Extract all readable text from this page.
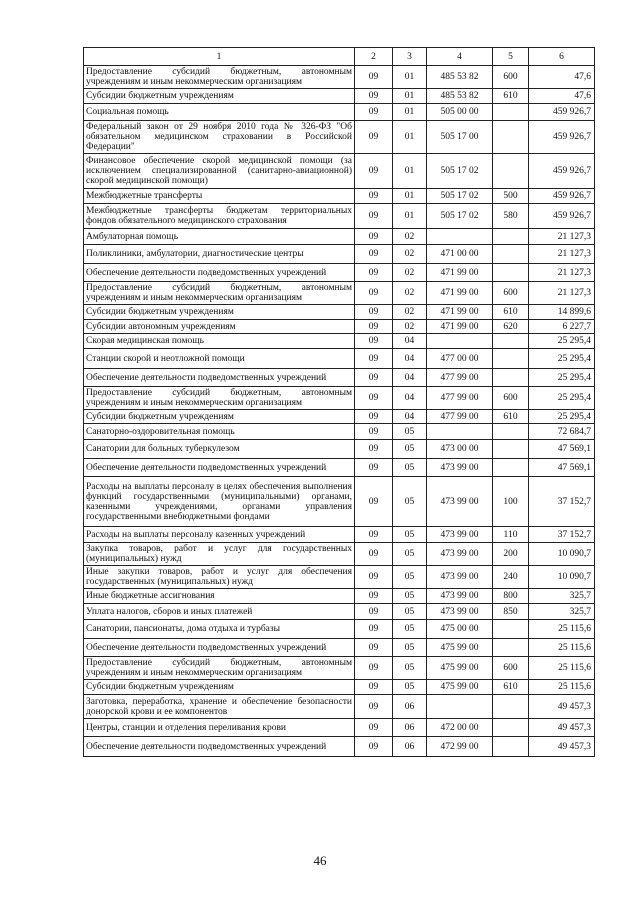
1	2	3	4	5	6
Предоставление субсидий бюджетным, автономным учреждениям и иным некоммерческим организациям	09	01	485 53 82	600	47,6
Субсидии бюджетным учреждениям	09	01	485 53 82	610	47,6
Социальная помощь	09	01	505 00 00		459 926,7
Федеральный закон от 29 ноября 2010 года № 326-ФЗ "Об обязательном медицинском страховании в Российской Федерации"	09	01	505 17 00		459 926,7
Финансовое обеспечение скорой медицинской помощи (за исключением специализированной (санитарно-авиационной) скорой медицинской помощи)	09	01	505 17 02		459 926,7
Межбюджетные трансферты	09	01	505 17 02	500	459 926,7
Межбюджетные трансферты бюджетам территориальных фондов обязательного медицинского страхования	09	01	505 17 02	580	459 926,7
Амбулаторная помощь	09	02			21 127,3
Поликлиники, амбулатории, диагностические центры	09	02	471 00 00		21 127,3
Обеспечение деятельности подведомственных учреждений	09	02	471 99 00		21 127,3
Предоставление субсидий бюджетным, автономным учреждениям и иным некоммерческим организациям	09	02	471 99 00	600	21 127,3
Субсидии бюджетным учреждениям	09	02	471 99 00	610	14 899,6
Субсидии автономным учреждениям	09	02	471 99 00	620	6 227,7
Скорая медицинская помощь	09	04			25 295,4
Станции скорой и неотложной помощи	09	04	477 00 00		25 295,4
Обеспечение деятельности подведомственных учреждений	09	04	477 99 00		25 295,4
Предоставление субсидий бюджетным, автономным учреждениям и иным некоммерческим организациям	09	04	477 99 00	600	25 295,4
Субсидии бюджетным учреждениям	09	04	477 99 00	610	25 295,4
Санаторно-оздоровительная помощь	09	05			72 684,7
Санатории для больных туберкулезом	09	05	473 00 00		47 569,1
Обеспечение деятельности подведомственных учреждений	09	05	473 99 00		47 569,1
Расходы на выплаты персоналу в целях обеспечения выполнения функций государственными (муниципальными) органами, казенными учреждениями, органами управления государственными внебюджетными фондами	09	05	473 99 00	100	37 152,7
Расходы на выплаты персоналу казенных учреждений	09	05	473 99 00	110	37 152,7
Закупка товаров, работ и услуг для государственных (муниципальных) нужд	09	05	473 99 00	200	10 090,7
Иные закупки товаров, работ и услуг для обеспечения государственных (муниципальных) нужд	09	05	473 99 00	240	10 090,7
Иные бюджетные ассигнования	09	05	473 99 00	800	325,7
Уплата налогов, сборов и иных платежей	09	05	473 99 00	850	325,7
Санатории, пансионаты, дома отдыха и турбазы	09	05	475 00 00		25 115,6
Обеспечение деятельности подведомственных учреждений	09	05	475 99 00		25 115,6
Предоставление субсидий бюджетным, автономным учреждениям и иным некоммерческим организациям	09	05	475 99 00	600	25 115,6
Субсидии бюджетным учреждениям	09	05	475 99 00	610	25 115,6
Заготовка, переработка, хранение и обеспечение безопасности донорской крови и ее компонентов	09	06			49 457,3
Центры, станции и отделения переливания крови	09	06	472 00 00		49 457,3
Обеспечение деятельности подведомственных учреждений	09	06	472 99 00		49 457,3
46
